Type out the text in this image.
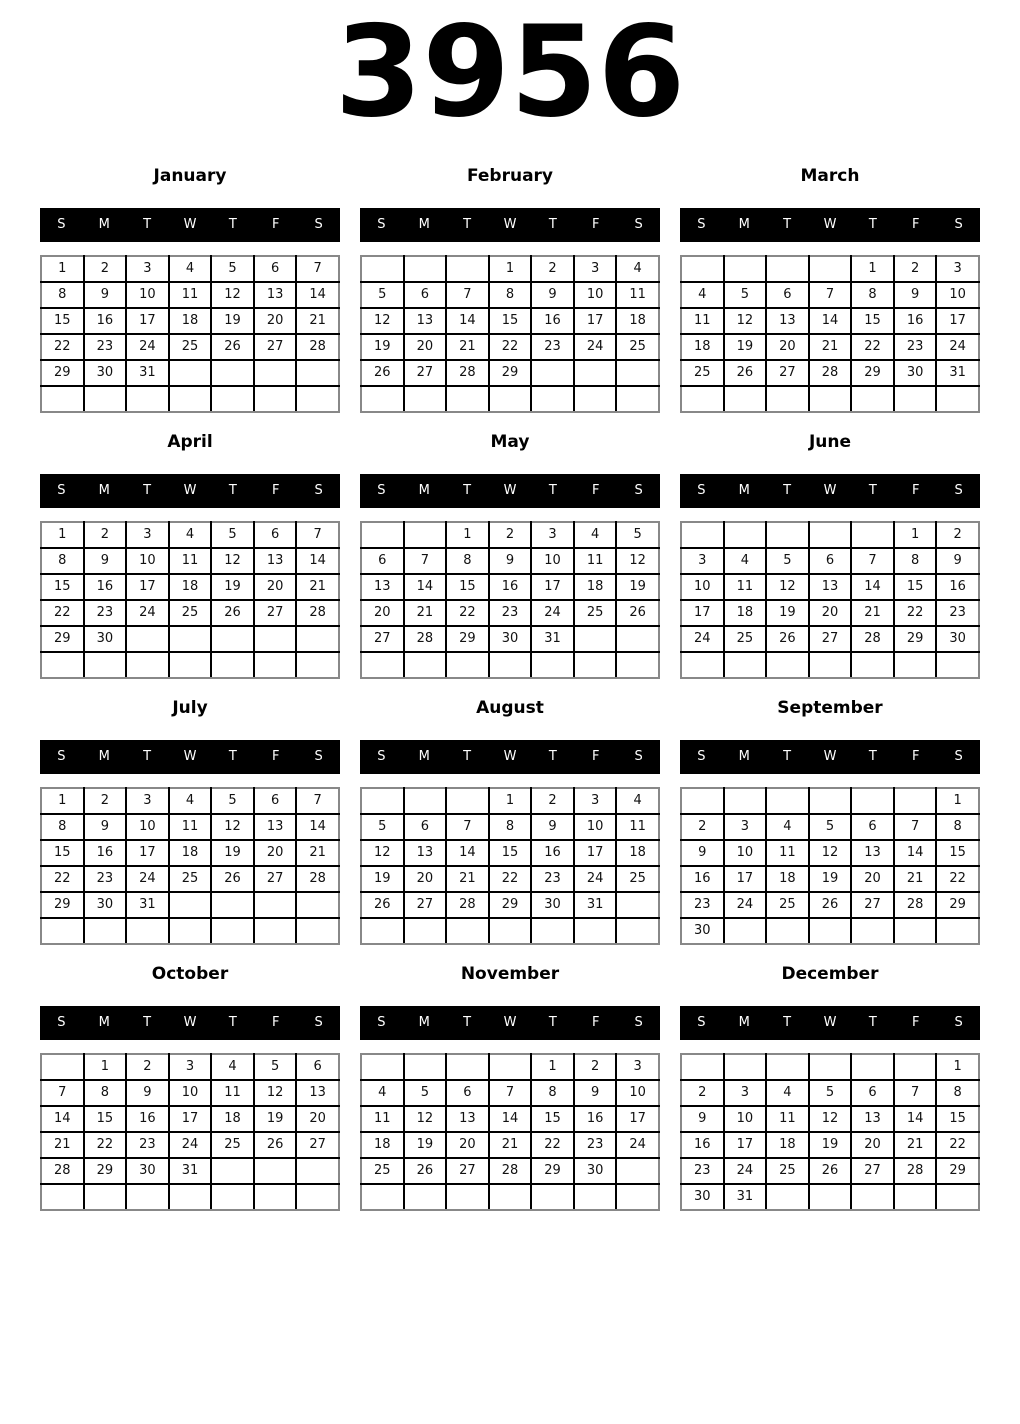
3956
January
S	M	T	W	T	F	S
1	2	3	4	5	6	7
8	9	10	11	12	13	14
15	16	17	18	19	20	21
22	23	24	25	26	27	28
29	30	31				

February
S	M	T	W	T	F	S
			1	2	3	4
5	6	7	8	9	10	11
12	13	14	15	16	17	18
19	20	21	22	23	24	25
26	27	28	29			

March
S	M	T	W	T	F	S
				1	2	3
4	5	6	7	8	9	10
11	12	13	14	15	16	17
18	19	20	21	22	23	24
25	26	27	28	29	30	31

April
S	M	T	W	T	F	S
1	2	3	4	5	6	7
8	9	10	11	12	13	14
15	16	17	18	19	20	21
22	23	24	25	26	27	28
29	30					

May
S	M	T	W	T	F	S
		1	2	3	4	5
6	7	8	9	10	11	12
13	14	15	16	17	18	19
20	21	22	23	24	25	26
27	28	29	30	31		

June
S	M	T	W	T	F	S
					1	2
3	4	5	6	7	8	9
10	11	12	13	14	15	16
17	18	19	20	21	22	23
24	25	26	27	28	29	30

July
S	M	T	W	T	F	S
1	2	3	4	5	6	7
8	9	10	11	12	13	14
15	16	17	18	19	20	21
22	23	24	25	26	27	28
29	30	31				

August
S	M	T	W	T	F	S
			1	2	3	4
5	6	7	8	9	10	11
12	13	14	15	16	17	18
19	20	21	22	23	24	25
26	27	28	29	30	31	

September
S	M	T	W	T	F	S
						1
2	3	4	5	6	7	8
9	10	11	12	13	14	15
16	17	18	19	20	21	22
23	24	25	26	27	28	29
30						
October
S	M	T	W	T	F	S
	1	2	3	4	5	6
7	8	9	10	11	12	13
14	15	16	17	18	19	20
21	22	23	24	25	26	27
28	29	30	31			

November
S	M	T	W	T	F	S
				1	2	3
4	5	6	7	8	9	10
11	12	13	14	15	16	17
18	19	20	21	22	23	24
25	26	27	28	29	30	

December
S	M	T	W	T	F	S
						1
2	3	4	5	6	7	8
9	10	11	12	13	14	15
16	17	18	19	20	21	22
23	24	25	26	27	28	29
30	31					
